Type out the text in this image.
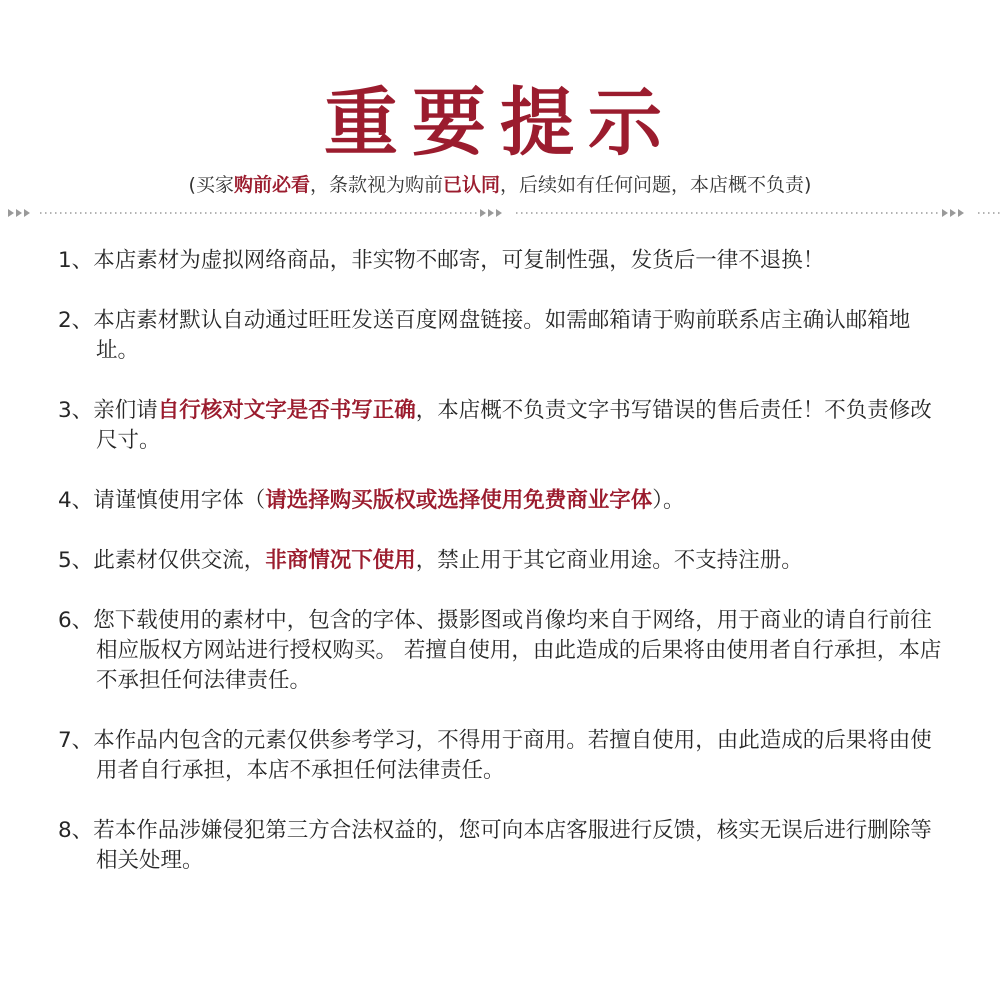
重要提示
(买家购前必看，条款视为购前已认同，后续如有任何问题，本店概不负责)
1、本店素材为虚拟网络商品，非实物不邮寄，可复制性强，发货后一律不退换！
2、本店素材默认自动通过旺旺发送百度网盘链接。如需邮箱请于购前联系店主确认邮箱地址。
3、亲们请自行核对文字是否书写正确，本店概不负责文字书写错误的售后责任！不负责修改尺寸。
4、请谨慎使用字体（请选择购买版权或选择使用免费商业字体）。
5、此素材仅供交流，非商情况下使用，禁止用于其它商业用途。不支持注册。
6、您下载使用的素材中，包含的字体、摄影图或肖像均来自于网络，用于商业的请自行前往相应版权方网站进行授权购买。 若擅自使用，由此造成的后果将由使用者自行承担，本店不承担任何法律责任。
7、本作品内包含的元素仅供参考学习，不得用于商用。若擅自使用，由此造成的后果将由使用者自行承担，本店不承担任何法律责任。
8、若本作品涉嫌侵犯第三方合法权益的，您可向本店客服进行反馈，核实无误后进行删除等相关处理。
